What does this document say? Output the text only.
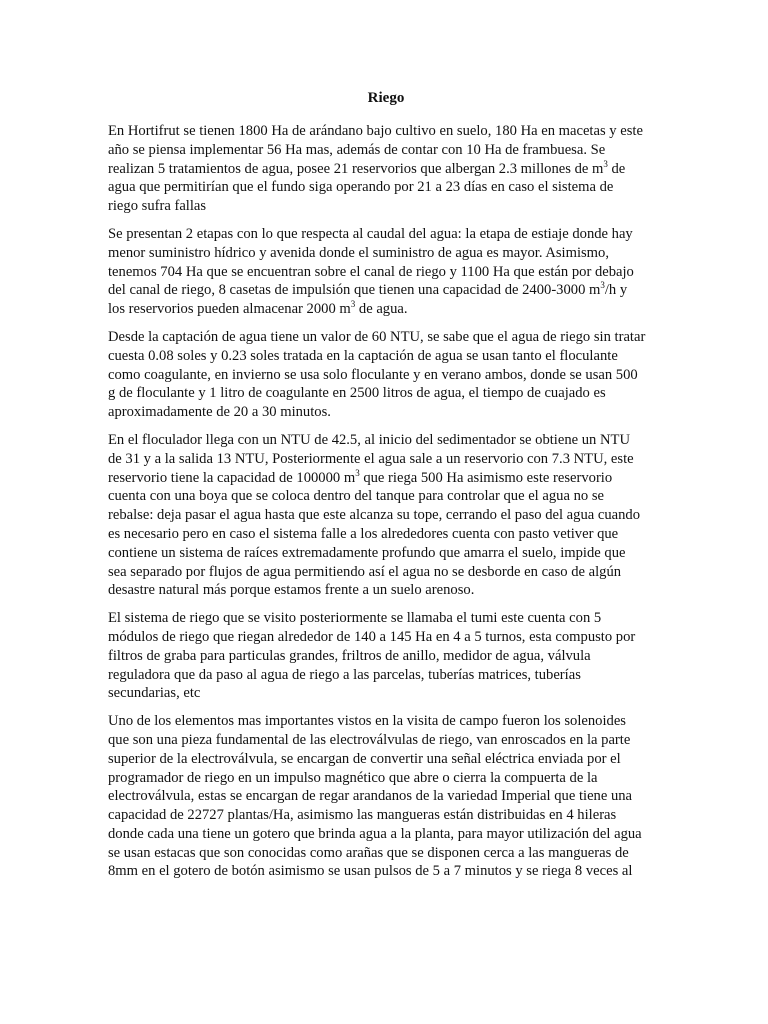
Riego
En Hortifrut se tienen 1800 Ha de arándano bajo cultivo en suelo, 180 Ha en macetas y este
año se piensa implementar 56 Ha mas, además de contar con 10 Ha de frambuesa. Se
realizan 5 tratamientos de agua, posee 21 reservorios que albergan 2.3 millones de $m^3$ de
agua que permitirían que el fundo siga operando por 21 a 23 días en caso el sistema de
riego sufra fallas
Se presentan 2 etapas con lo que respecta al caudal del agua: la etapa de estiaje donde hay
menor suministro hídrico y avenida donde el suministro de agua es mayor. Asimismo,
tenemos 704 Ha que se encuentran sobre el canal de riego y 1100 Ha que están por debajo
del canal de riego, 8 casetas de impulsión que tienen una capacidad de 2400-3000 $m^3/h$ y
los reservorios pueden almacenar 2000 $m^3$ de agua.
Desde la captación de agua tiene un valor de 60 NTU, se sabe que el agua de riego sin tratar
cuesta 0.08 soles y 0.23 soles tratada en la captación de agua se usan tanto el floculante
como coagulante, en invierno se usa solo floculante y en verano ambos, donde se usan 500
g de floculante y 1 litro de coagulante en 2500 litros de agua, el tiempo de cuajado es
aproximadamente de 20 a 30 minutos.
En el floculador llega con un NTU de 42.5, al inicio del sedimentador se obtiene un NTU
de 31 y a la salida 13 NTU, Posteriormente el agua sale a un reservorio con 7.3 NTU, este
reservorio tiene la capacidad de 100000 $m^3$ que riega 500 Ha asimismo este reservorio
cuenta con una boya que se coloca dentro del tanque para controlar que el agua no se
rebalse: deja pasar el agua hasta que este alcanza su tope, cerrando el paso del agua cuando
es necesario pero en caso el sistema falle a los alrededores cuenta con pasto vetiver que
contiene un sistema de raíces extremadamente profundo que amarra el suelo, impide que
sea separado por flujos de agua permitiendo así el agua no se desborde en caso de algún
desastre natural más porque estamos frente a un suelo arenoso.
El sistema de riego que se visito posteriormente se llamaba el tumi este cuenta con 5
módulos de riego que riegan alrededor de 140 a 145 Ha en 4 a 5 turnos, esta compusto por
filtros de graba para particulas grandes, friltros de anillo, medidor de agua, válvula
reguladora que da paso al agua de riego a las parcelas, tuberías matrices, tuberías
secundarias, etc
Uno de los elementos mas importantes vistos en la visita de campo fueron los solenoides
que son una pieza fundamental de las electroválvulas de riego, van enroscados en la parte
superior de la electroválvula, se encargan de convertir una señal eléctrica enviada por el
programador de riego en un impulso magnético que abre o cierra la compuerta de la
electroválvula, estas se encargan de regar arandanos de la variedad Imperial que tiene una
capacidad de 22727 plantas/Ha, asimismo las mangueras están distribuidas en 4 hileras
donde cada una tiene un gotero que brinda agua a la planta, para mayor utilización del agua
se usan estacas que son conocidas como arañas que se disponen cerca a las mangueras de
8mm en el gotero de botón asimismo se usan pulsos de 5 a 7 minutos y se riega 8 veces al
